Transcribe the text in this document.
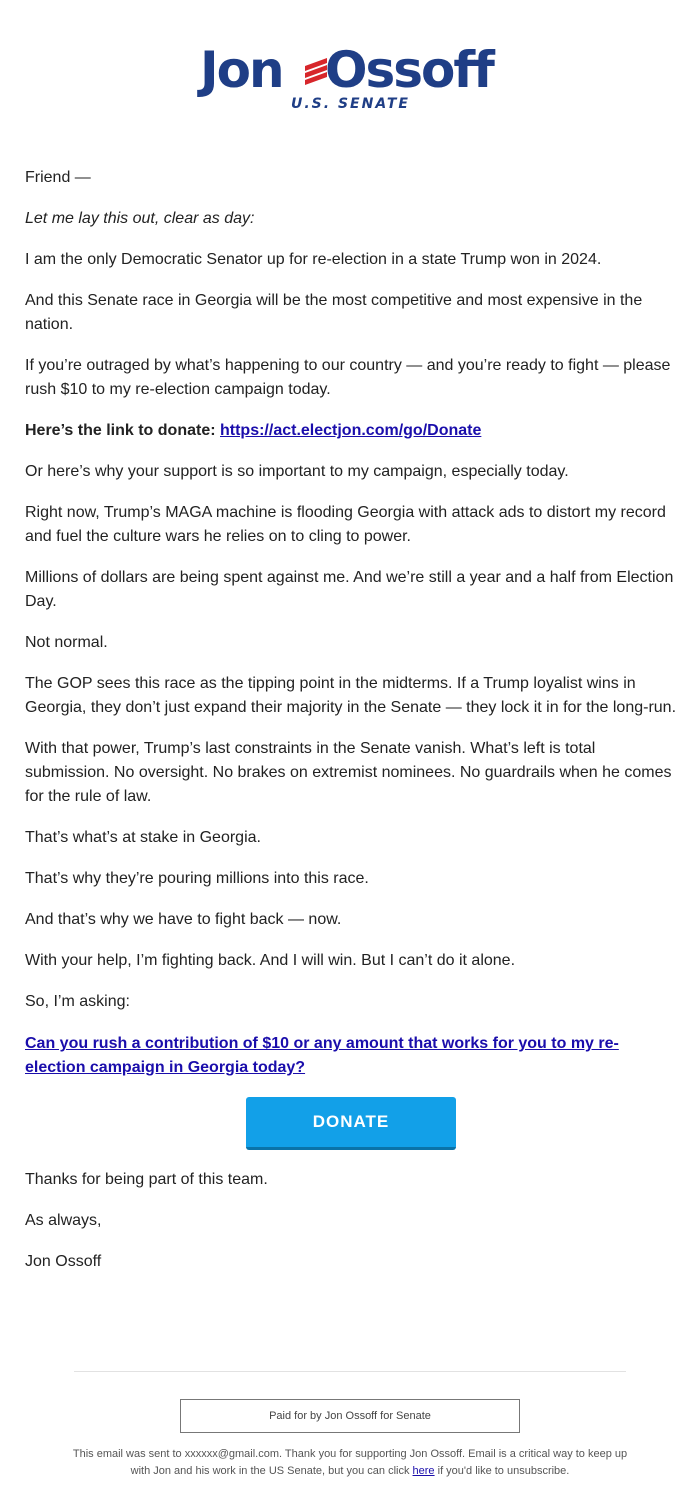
Jon Ossoff
U.S. SENATE

Friend —

Let me lay this out, clear as day:

I am the only Democratic Senator up for re-election in a state Trump won in 2024.

And this Senate race in Georgia will be the most competitive and most expensive in the nation.

If you’re outraged by what’s happening to our country — and you’re ready to fight — please rush $10 to my re-election campaign today.

Here’s the link to donate: https://act.electjon.com/go/Donate

Or here’s why your support is so important to my campaign, especially today.

Right now, Trump’s MAGA machine is flooding Georgia with attack ads to distort my record and fuel the culture wars he relies on to cling to power.

Millions of dollars are being spent against me. And we’re still a year and a half from Election Day.

Not normal.

The GOP sees this race as the tipping point in the midterms. If a Trump loyalist wins in Georgia, they don’t just expand their majority in the Senate — they lock it in for the long-run.

With that power, Trump’s last constraints in the Senate vanish. What’s left is total submission. No oversight. No brakes on extremist nominees. No guardrails when he comes for the rule of law.

That’s what’s at stake in Georgia.

That’s why they’re pouring millions into this race.

And that’s why we have to fight back — now.

With your help, I’m fighting back. And I will win. But I can’t do it alone.

So, I’m asking:

Can you rush a contribution of $10 or any amount that works for you to my re-election campaign in Georgia today?

DONATE

Thanks for being part of this team.

As always,

Jon Ossoff

Paid for by Jon Ossoff for Senate
This email was sent to xxxxxx@gmail.com. Thank you for supporting Jon Ossoff. Email is a critical way to keep up with Jon and his work in the US Senate, but you can click here if you'd like to unsubscribe.
